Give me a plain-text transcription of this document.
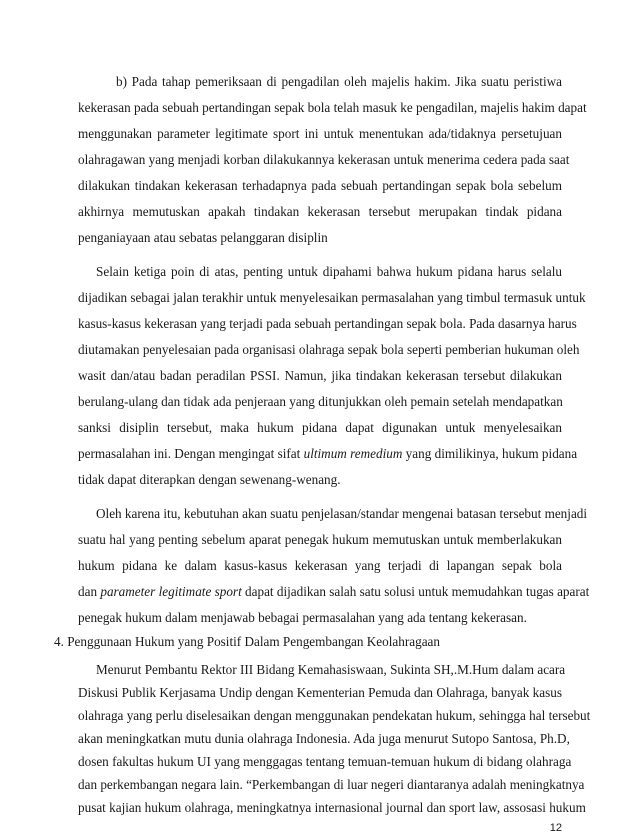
b) Pada tahap pemeriksaan di pengadilan oleh majelis hakim. Jika suatu peristiwa
kekerasan pada sebuah pertandingan sepak bola telah masuk ke pengadilan, majelis hakim dapat
menggunakan parameter legitimate sport ini untuk menentukan ada/tidaknya persetujuan
olahragawan yang menjadi korban dilakukannya kekerasan untuk menerima cedera pada saat
dilakukan tindakan kekerasan terhadapnya pada sebuah pertandingan sepak bola sebelum
akhirnya memutuskan apakah tindakan kekerasan tersebut merupakan tindak pidana
penganiayaan atau sebatas pelanggaran disiplin
Selain ketiga poin di atas, penting untuk dipahami bahwa hukum pidana harus selalu
dijadikan sebagai jalan terakhir untuk menyelesaikan permasalahan yang timbul termasuk untuk
kasus-kasus kekerasan yang terjadi pada sebuah pertandingan sepak bola. Pada dasarnya harus
diutamakan penyelesaian pada organisasi olahraga sepak bola seperti pemberian hukuman oleh
wasit dan/atau badan peradilan PSSI. Namun, jika tindakan kekerasan tersebut dilakukan
berulang-ulang dan tidak ada penjeraan yang ditunjukkan oleh pemain setelah mendapatkan
sanksi disiplin tersebut, maka hukum pidana dapat digunakan untuk menyelesaikan
permasalahan ini. Dengan mengingat sifat ultimum remedium yang dimilikinya, hukum pidana
tidak dapat diterapkan dengan sewenang-wenang.
Oleh karena itu, kebutuhan akan suatu penjelasan/standar mengenai batasan tersebut menjadi
suatu hal yang penting sebelum aparat penegak hukum memutuskan untuk memberlakukan
hukum pidana ke dalam kasus-kasus kekerasan yang terjadi di lapangan sepak bola
dan parameter legitimate sport dapat dijadikan salah satu solusi untuk memudahkan tugas aparat
penegak hukum dalam menjawab bebagai permasalahan yang ada tentang kekerasan.
4. Penggunaan Hukum yang Positif Dalam Pengembangan Keolahragaan
Menurut Pembantu Rektor III Bidang Kemahasiswaan, Sukinta SH,.M.Hum dalam acara
Diskusi Publik Kerjasama Undip dengan Kementerian Pemuda dan Olahraga, banyak kasus
olahraga yang perlu diselesaikan dengan menggunakan pendekatan hukum, sehingga hal tersebut
akan meningkatkan mutu dunia olahraga Indonesia. Ada juga menurut Sutopo Santosa, Ph.D,
dosen fakultas hukum UI yang menggagas tentang temuan-temuan hukum di bidang olahraga
dan perkembangan negara lain. “Perkembangan di luar negeri diantaranya adalah meningkatnya
pusat kajian hukum olahraga, meningkatnya internasional journal dan sport law, assosasi hukum
12
